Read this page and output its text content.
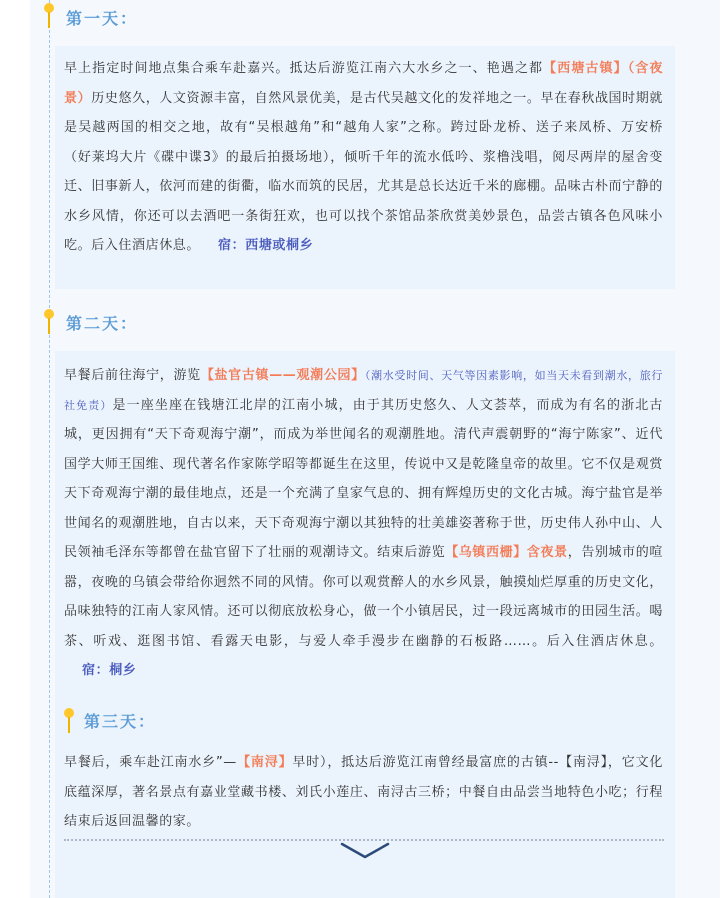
第一天：

早上指定时间地点集合乘车赴嘉兴。抵达后游览江南六大水乡之一、艳遇之都【西塘古镇】（含夜景）历史悠久，人文资源丰富，自然风景优美，是古代吴越文化的发祥地之一。早在春秋战国时期就是吴越两国的相交之地，故有“吴根越角”和“越角人家”之称。跨过卧龙桥、送子来凤桥、万安桥（好莱坞大片《碟中谍3》的最后拍摄场地），倾听千年的流水低吟、浆橹浅唱，阅尽两岸的屋舍变迁、旧事新人，依河而建的街衢，临水而筑的民居，尤其是总长达近千米的廊棚。品味古朴而宁静的水乡风情，你还可以去酒吧一条街狂欢，也可以找个茶馆品茶欣赏美妙景色，品尝古镇各色风味小吃。后入住酒店休息。 宿：西塘或桐乡

第二天：

早餐后前往海宁，游览【盐官古镇——观潮公园】（潮水受时间、天气等因素影响，如当天未看到潮水，旅行社免责）是一座坐座在钱塘江北岸的江南小城，由于其历史悠久、人文荟萃，而成为有名的浙北古城，更因拥有“天下奇观海宁潮”，而成为举世闻名的观潮胜地。清代声震朝野的“海宁陈家”、近代国学大师王国维、现代著名作家陈学昭等都诞生在这里，传说中又是乾隆皇帝的故里。它不仅是观赏天下奇观海宁潮的最佳地点，还是一个充满了皇家气息的、拥有辉煌历史的文化古城。海宁盐官是举世闻名的观潮胜地，自古以来，天下奇观海宁潮以其独特的壮美雄姿著称于世，历史伟人孙中山、人民领袖毛泽东等都曾在盐官留下了壮丽的观潮诗文。结束后游览【乌镇西栅】含夜景，告别城市的喧嚣，夜晚的乌镇会带给你迥然不同的风情。你可以观赏醉人的水乡风景，触摸灿烂厚重的历史文化，品味独特的江南人家风情。还可以彻底放松身心，做一个小镇居民，过一段远离城市的田园生活。喝茶、听戏、逛图书馆、看露天电影，与爱人牵手漫步在幽静的石板路……。后入住酒店休息。宿：桐乡

第三天：

早餐后，乘车赴江南水乡”—【南浔】早时），抵达后游览江南曾经最富庶的古镇--【南浔】，它文化底蕴深厚，著名景点有嘉业堂藏书楼、刘氏小莲庄、南浔古三桥；中餐自由品尝当地特色小吃；行程结束后返回温馨的家。
